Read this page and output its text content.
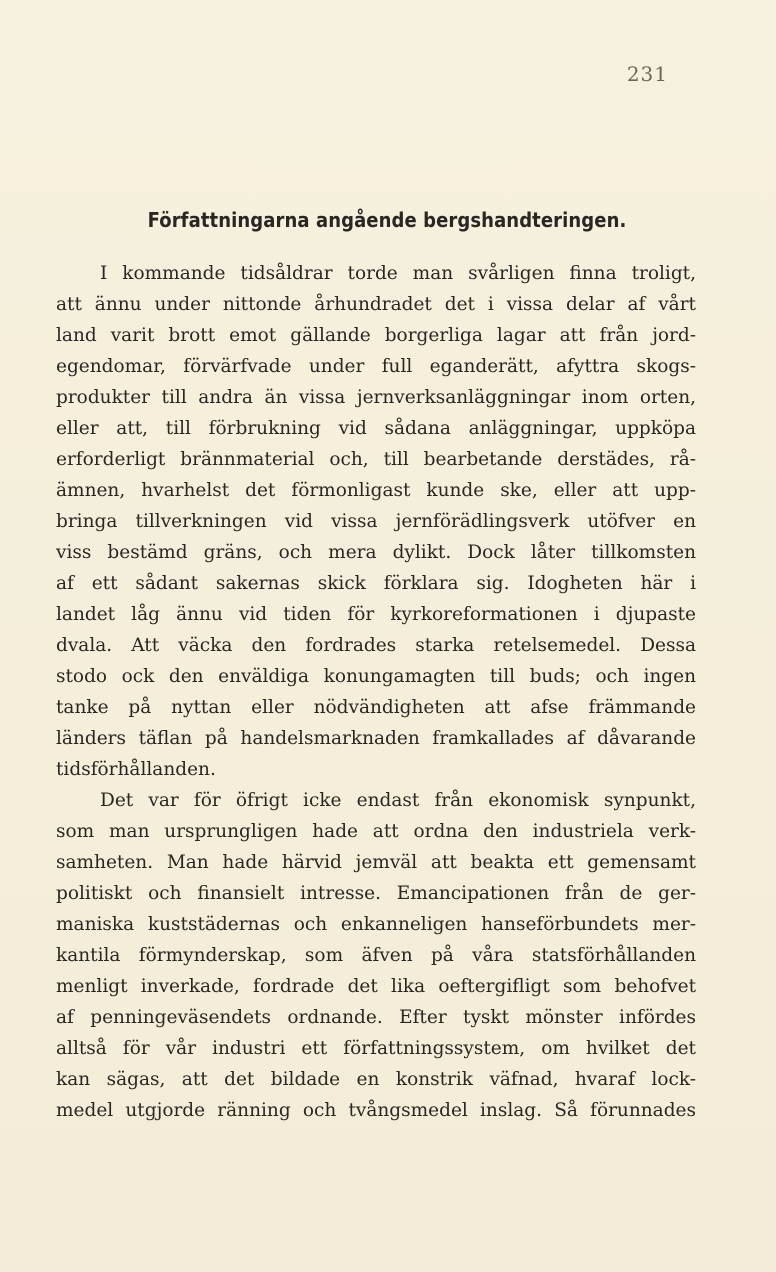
231
Författningarna angående bergshandteringen.
I kommande tidsåldrar torde man svårligen finna troligt,
att ännu under nittonde århundradet det i vissa delar af vårt
land varit brott emot gällande borgerliga lagar att från jord-
egendomar, förvärfvade under full eganderätt, afyttra skogs-
produkter till andra än vissa jernverksanläggningar inom orten,
eller att, till förbrukning vid sådana anläggningar, uppköpa
erforderligt brännmaterial och, till bearbetande derstädes, rå-
ämnen, hvarhelst det förmonligast kunde ske, eller att upp-
bringa tillverkningen vid vissa jernförädlingsverk utöfver en
viss bestämd gräns, och mera dylikt. Dock låter tillkomsten
af ett sådant sakernas skick förklara sig. Idogheten här i
landet låg ännu vid tiden för kyrkoreformationen i djupaste
dvala. Att väcka den fordrades starka retelsemedel. Dessa
stodo ock den enväldiga konungamagten till buds; och ingen
tanke på nyttan eller nödvändigheten att afse främmande
länders täflan på handelsmarknaden framkallades af dåvarande
tidsförhållanden.
Det var för öfrigt icke endast från ekonomisk synpunkt,
som man ursprungligen hade att ordna den industriela verk-
samheten. Man hade härvid jemväl att beakta ett gemensamt
politiskt och finansielt intresse. Emancipationen från de ger-
maniska kuststädernas och enkanneligen hanseförbundets mer-
kantila förmynderskap, som äfven på våra statsförhållanden
menligt inverkade, fordrade det lika oeftergifligt som behofvet
af penningeväsendets ordnande. Efter tyskt mönster infördes
alltså för vår industri ett författningssystem, om hvilket det
kan sägas, att det bildade en konstrik väfnad, hvaraf lock-
medel utgjorde ränning och tvångsmedel inslag. Så förunnades
